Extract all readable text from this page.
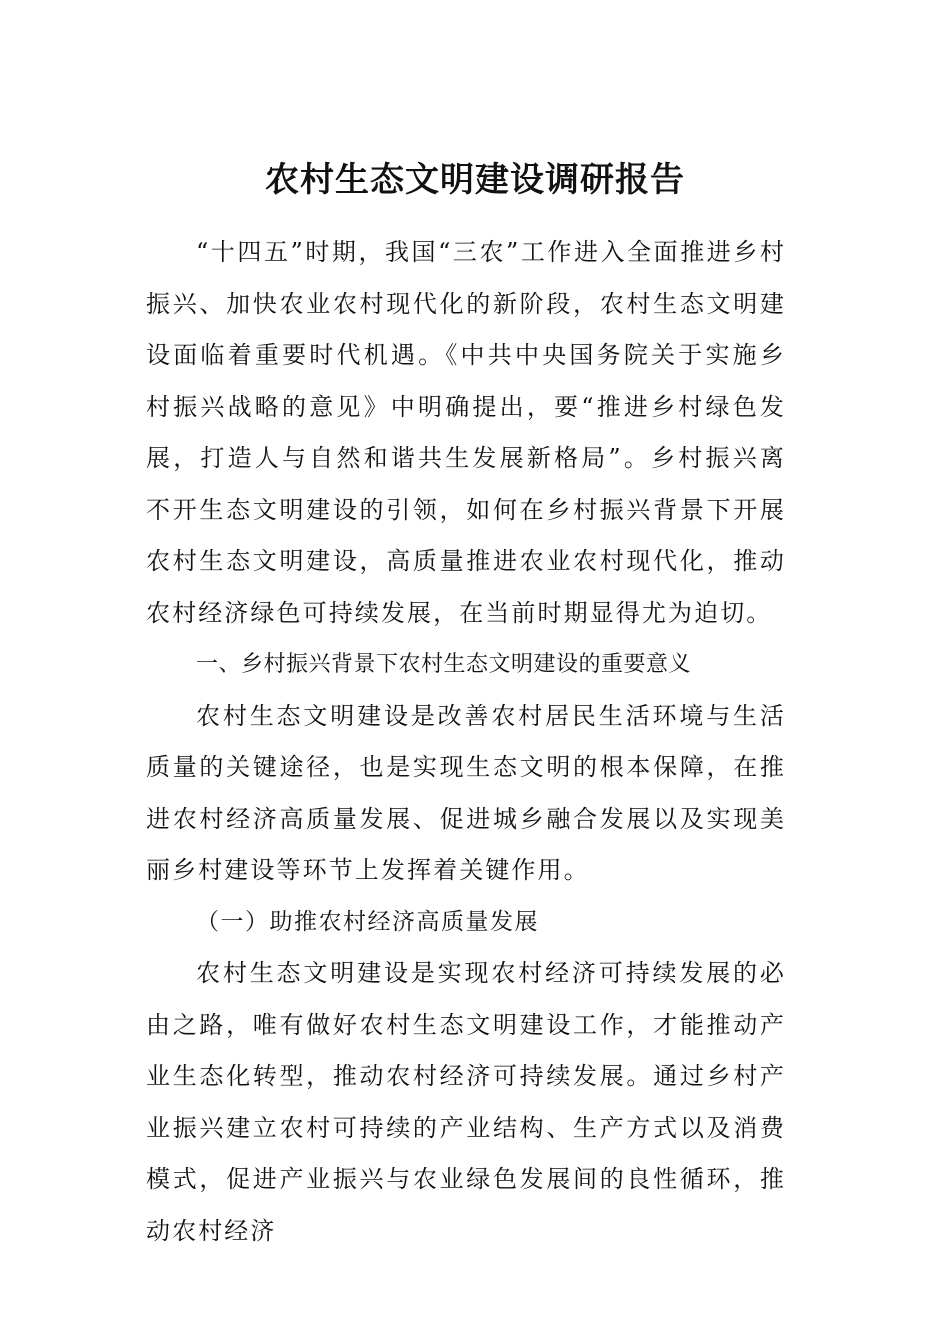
农村生态文明建设调研报告

“十四五”时期，我国“三农”工作进入全面推进乡村振兴、加快农业农村现代化的新阶段，农村生态文明建设面临着重要时代机遇。《中共中央国务院关于实施乡村振兴战略的意见》中明确提出，要“推进乡村绿色发展，打造人与自然和谐共生发展新格局”。乡村振兴离不开生态文明建设的引领，如何在乡村振兴背景下开展农村生态文明建设，高质量推进农业农村现代化，推动农村经济绿色可持续发展，在当前时期显得尤为迫切。

一、乡村振兴背景下农村生态文明建设的重要意义

农村生态文明建设是改善农村居民生活环境与生活质量的关键途径，也是实现生态文明的根本保障，在推进农村经济高质量发展、促进城乡融合发展以及实现美丽乡村建设等环节上发挥着关键作用。

（一）助推农村经济高质量发展

农村生态文明建设是实现农村经济可持续发展的必由之路，唯有做好农村生态文明建设工作，才能推动产业生态化转型，推动农村经济可持续发展。通过乡村产业振兴建立农村可持续的产业结构、生产方式以及消费模式，促进产业振兴与农业绿色发展间的良性循环，推动农村经济
